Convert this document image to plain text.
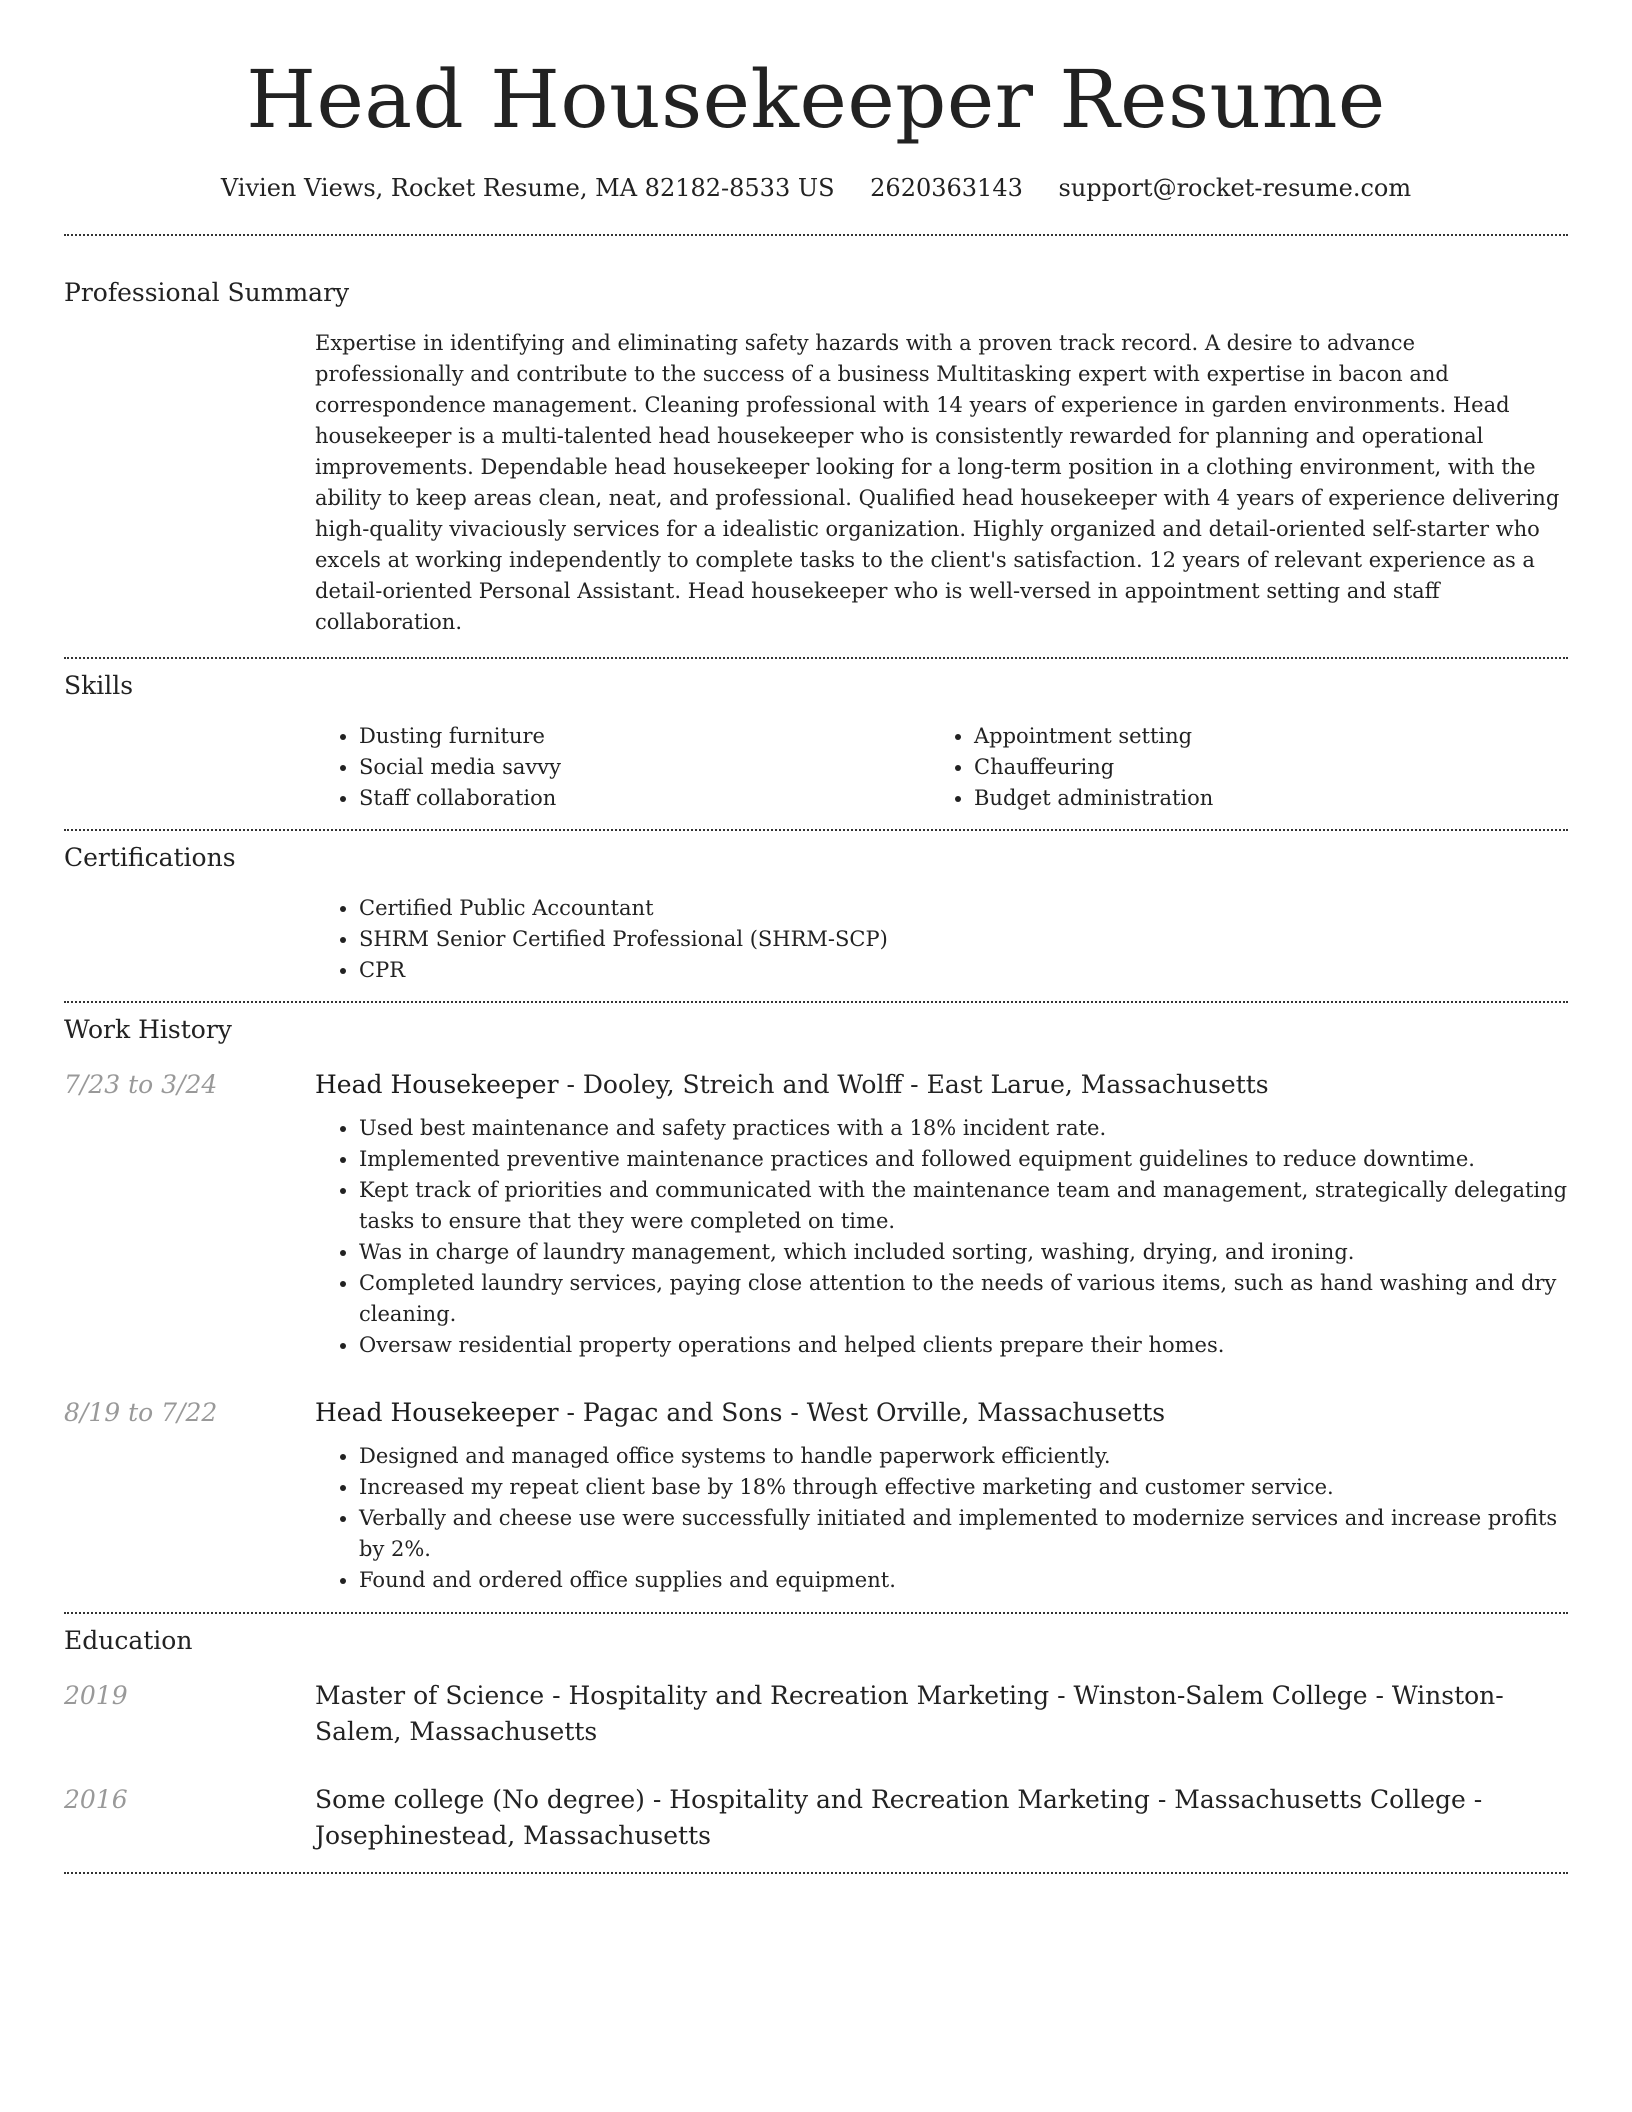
Head Housekeeper Resume
Vivien Views, Rocket Resume, MA 82182-8533 US 2620363143 support@rocket-resume.com
Professional Summary

Expertise in identifying and eliminating safety hazards with a proven track record. A desire to advance professionally and contribute to the success of a business Multitasking expert with expertise in bacon and correspondence management. Cleaning professional with 14 years of experience in garden environments. Head housekeeper is a multi-talented head housekeeper who is consistently rewarded for planning and operational improvements. Dependable head housekeeper looking for a long-term position in a clothing environment, with the ability to keep areas clean, neat, and professional. Qualified head housekeeper with 4 years of experience delivering high-quality vivaciously services for a idealistic organization. Highly organized and detail-oriented self-starter who excels at working independently to complete tasks to the client's satisfaction. 12 years of relevant experience as a detail-oriented Personal Assistant. Head housekeeper who is well-versed in appointment setting and staff collaboration.

Skills
• Dusting furniture
• Social media savvy
• Staff collaboration
• Appointment setting
• Chauffeuring
• Budget administration
Certifications
• Certified Public Accountant
• SHRM Senior Certified Professional (SHRM-SCP)
• CPR
Work History
7/23 to 3/24	Head Housekeeper - Dooley, Streich and Wolff - East Larue, Massachusetts
• Used best maintenance and safety practices with a 18% incident rate.
• Implemented preventive maintenance practices and followed equipment guidelines to reduce downtime.
• Kept track of priorities and communicated with the maintenance team and management, strategically delegating tasks to ensure that they were completed on time.
• Was in charge of laundry management, which included sorting, washing, drying, and ironing.
• Completed laundry services, paying close attention to the needs of various items, such as hand washing and dry cleaning.
• Oversaw residential property operations and helped clients prepare their homes.
8/19 to 7/22	Head Housekeeper - Pagac and Sons - West Orville, Massachusetts
• Designed and managed office systems to handle paperwork efficiently.
• Increased my repeat client base by 18% through effective marketing and customer service.
• Verbally and cheese use were successfully initiated and implemented to modernize services and increase profits by 2%.
• Found and ordered office supplies and equipment.
Education
2019	Master of Science - Hospitality and Recreation Marketing - Winston-Salem College - Winston-Salem, Massachusetts
2016	Some college (No degree) - Hospitality and Recreation Marketing - Massachusetts College - Josephinestead, Massachusetts
